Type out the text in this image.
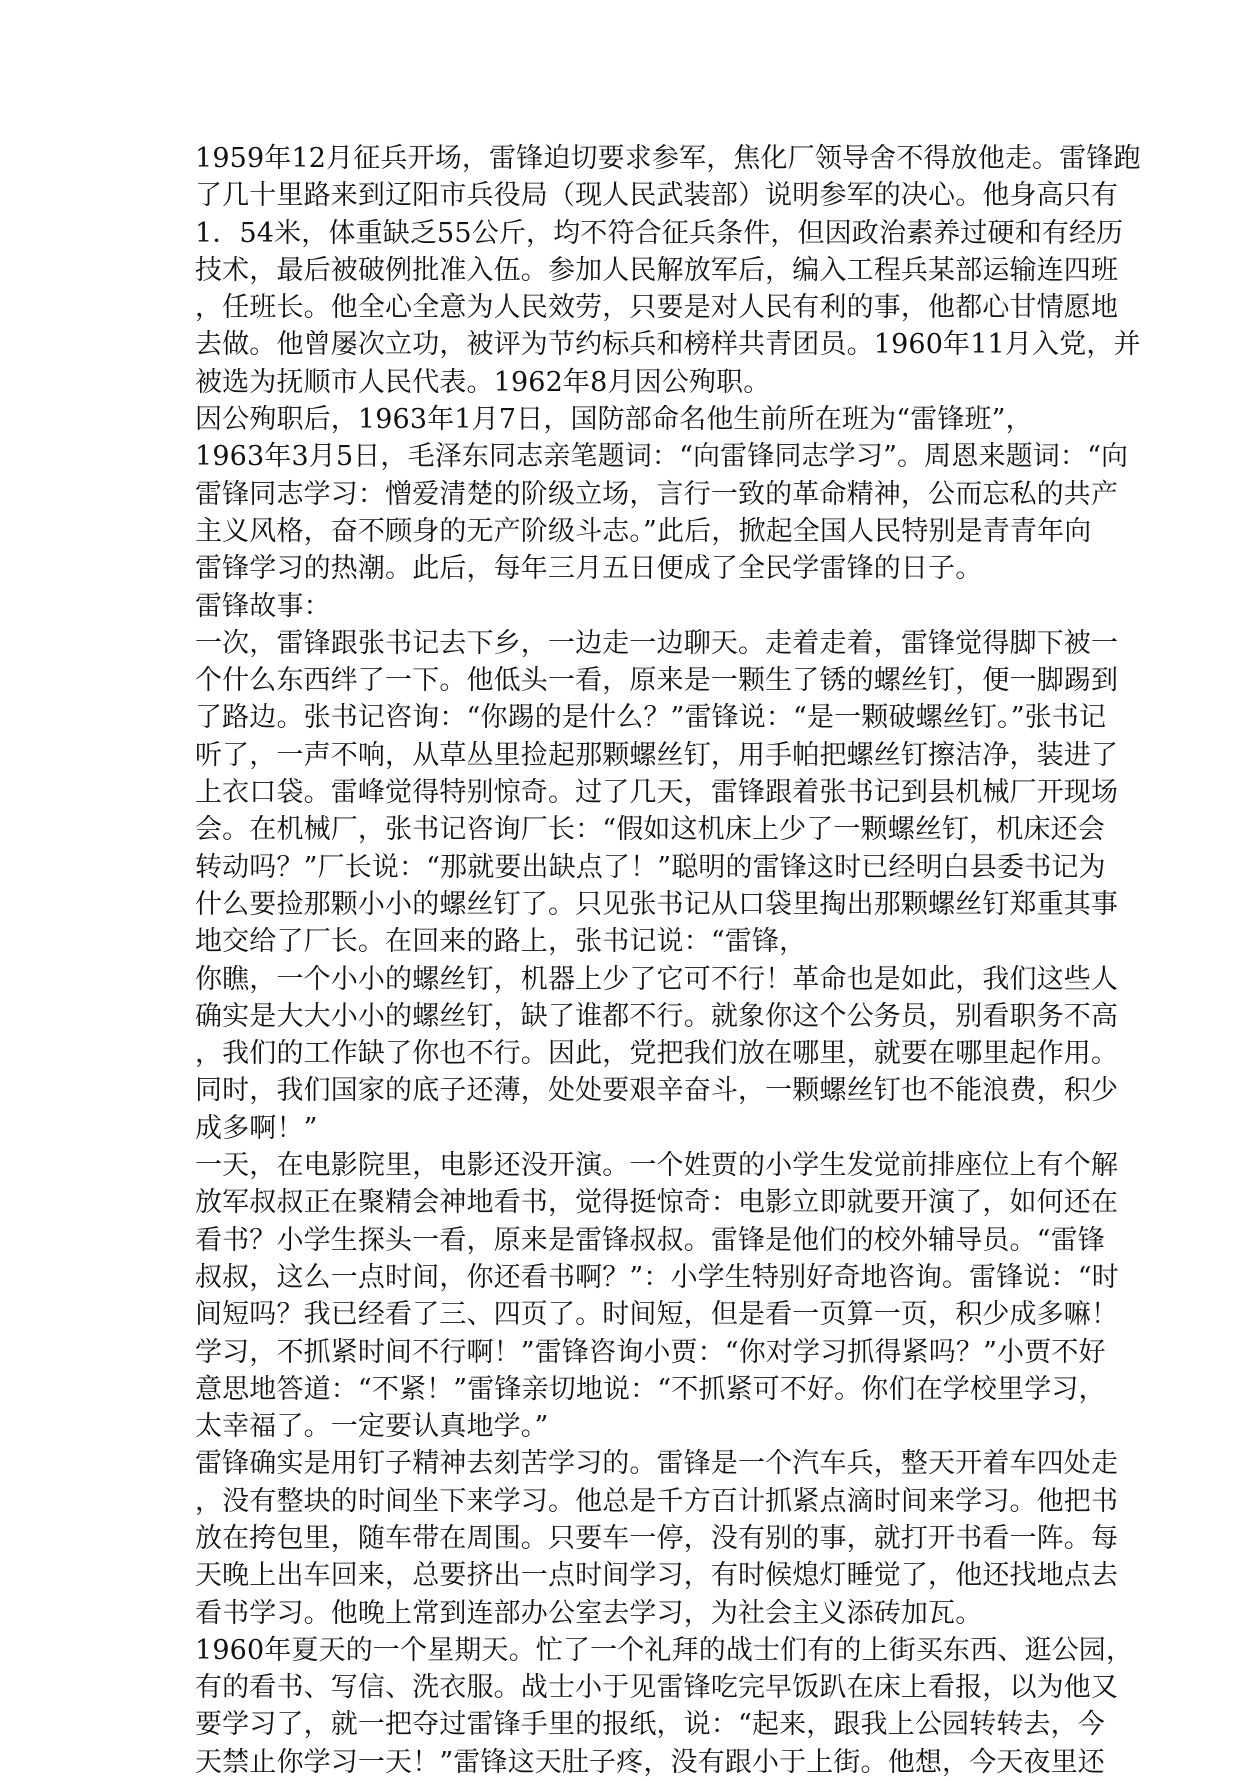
1959年12月征兵开场，雷锋迫切要求参军，焦化厂领导舍不得放他走。雷锋跑
了几十里路来到辽阳市兵役局（现人民武装部）说明参军的决心。他身高只有
1．54米，体重缺乏55公斤，均不符合征兵条件，但因政治素养过硬和有经历
技术，最后被破例批准入伍。参加人民解放军后，编入工程兵某部运输连四班
，任班长。他全心全意为人民效劳，只要是对人民有利的事，他都心甘情愿地
去做。他曾屡次立功，被评为节约标兵和榜样共青团员。1960年11月入党，并
被选为抚顺市人民代表。1962年8月因公殉职。
因公殉职后，1963年1月7日，国防部命名他生前所在班为“雷锋班”，
1963年3月5日，毛泽东同志亲笔题词：“向雷锋同志学习”。周恩来题词：“向
雷锋同志学习：憎爱清楚的阶级立场，言行一致的革命精神，公而忘私的共产
主义风格，奋不顾身的无产阶级斗志。”此后，掀起全国人民特别是青青年向
雷锋学习的热潮。此后，每年三月五日便成了全民学雷锋的日子。
雷锋故事：
一次，雷锋跟张书记去下乡，一边走一边聊天。走着走着，雷锋觉得脚下被一
个什么东西绊了一下。他低头一看，原来是一颗生了锈的螺丝钉，便一脚踢到
了路边。张书记咨询：“你踢的是什么？”雷锋说：“是一颗破螺丝钉。”张书记
听了，一声不响，从草丛里捡起那颗螺丝钉，用手帕把螺丝钉擦洁净，装进了
上衣口袋。雷峰觉得特别惊奇。过了几天，雷锋跟着张书记到县机械厂开现场
会。在机械厂，张书记咨询厂长：“假如这机床上少了一颗螺丝钉，机床还会
转动吗？”厂长说：“那就要出缺点了！”聪明的雷锋这时已经明白县委书记为
什么要捡那颗小小的螺丝钉了。只见张书记从口袋里掏出那颗螺丝钉郑重其事
地交给了厂长。在回来的路上，张书记说：“雷锋，
你瞧，一个小小的螺丝钉，机器上少了它可不行！革命也是如此，我们这些人
确实是大大小小的螺丝钉，缺了谁都不行。就象你这个公务员，别看职务不高
，我们的工作缺了你也不行。因此，党把我们放在哪里，就要在哪里起作用。
同时，我们国家的底子还薄，处处要艰辛奋斗，一颗螺丝钉也不能浪费，积少
成多啊！”
一天，在电影院里，电影还没开演。一个姓贾的小学生发觉前排座位上有个解
放军叔叔正在聚精会神地看书，觉得挺惊奇：电影立即就要开演了，如何还在
看书？小学生探头一看，原来是雷锋叔叔。雷锋是他们的校外辅导员。“雷锋
叔叔，这么一点时间，你还看书啊？”：小学生特别好奇地咨询。雷锋说：“时
间短吗？我已经看了三、四页了。时间短，但是看一页算一页，积少成多嘛！
学习，不抓紧时间不行啊！”雷锋咨询小贾：“你对学习抓得紧吗？”小贾不好
意思地答道：“不紧！”雷锋亲切地说：“不抓紧可不好。你们在学校里学习，
太幸福了。一定要认真地学。”
雷锋确实是用钉子精神去刻苦学习的。雷锋是一个汽车兵，整天开着车四处走
，没有整块的时间坐下来学习。他总是千方百计抓紧点滴时间来学习。他把书
放在挎包里，随车带在周围。只要车一停，没有别的事，就打开书看一阵。每
天晚上出车回来，总要挤出一点时间学习，有时候熄灯睡觉了，他还找地点去
看书学习。他晚上常到连部办公室去学习，为社会主义添砖加瓦。
1960年夏天的一个星期天。忙了一个礼拜的战士们有的上街买东西、逛公园，
有的看书、写信、洗衣服。战士小于见雷锋吃完早饭趴在床上看报，以为他又
要学习了，就一把夺过雷锋手里的报纸，说：“起来，跟我上公园转转去，今
天禁止你学习一天！”雷锋这天肚子疼，没有跟小于上街。他想，今天夜里还
